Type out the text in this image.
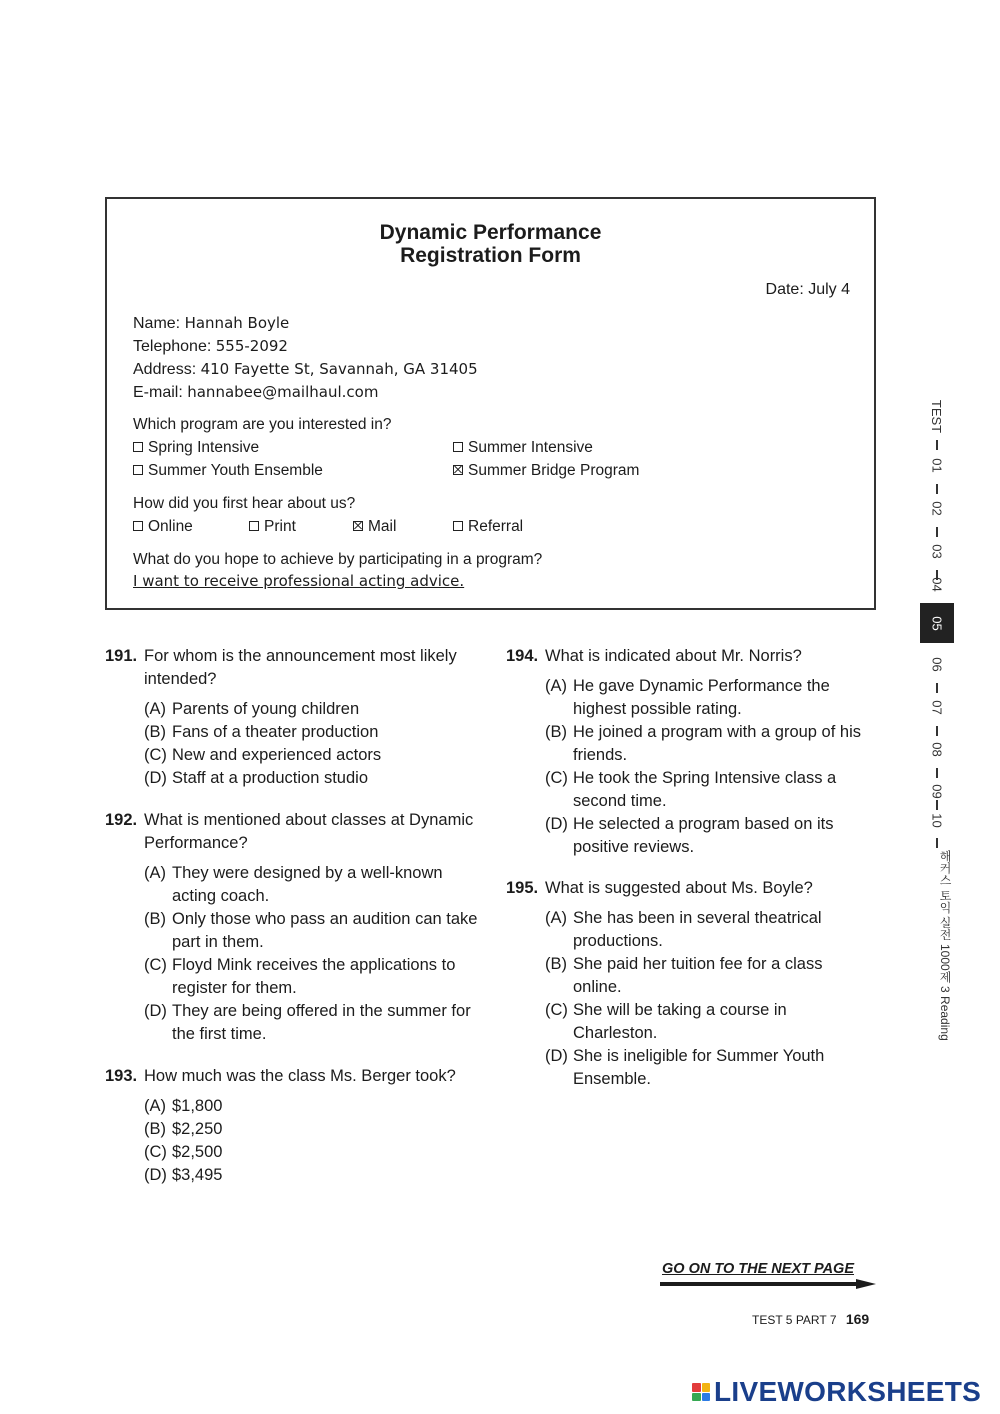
Dynamic Performance
Registration Form
Date: July 4
Name: Hannah Boyle
Telephone: 555-2092
Address: 410 Fayette St, Savannah, GA 31405
E-mail: hannabee@mailhaul.com
Which program are you interested in?
Spring Intensive	Summer Intensive
Summer Youth Ensemble	Summer Bridge Program
How did you first hear about us?
Online	Print	Mail	Referral
What do you hope to achieve by participating in a program?
I want to receive professional acting advice.
191. For whom is the announcement most likely intended?
(A) Parents of young children
(B) Fans of a theater production
(C) New and experienced actors
(D) Staff at a production studio
192. What is mentioned about classes at Dynamic Performance?
(A) They were designed by a well-known acting coach.
(B) Only those who pass an audition can take part in them.
(C) Floyd Mink receives the applications to register for them.
(D) They are being offered in the summer for the first time.
193. How much was the class Ms. Berger took?
(A) $1,800
(B) $2,250
(C) $2,500
(D) $3,495
194. What is indicated about Mr. Norris?
(A) He gave Dynamic Performance the highest possible rating.
(B) He joined a program with a group of his friends.
(C) He took the Spring Intensive class a second time.
(D) He selected a program based on its positive reviews.
195. What is suggested about Ms. Boyle?
(A) She has been in several theatrical productions.
(B) She paid her tuition fee for a class online.
(C) She will be taking a course in Charleston.
(D) She is ineligible for Summer Youth Ensemble.
TEST
01
02
03
04
05
06
07
08
09
10
해커스 토익 실전 1000제 3 Reading
GO ON TO THE NEXT PAGE
TEST 5 PART 7 169
LIVEWORKSHEETS
